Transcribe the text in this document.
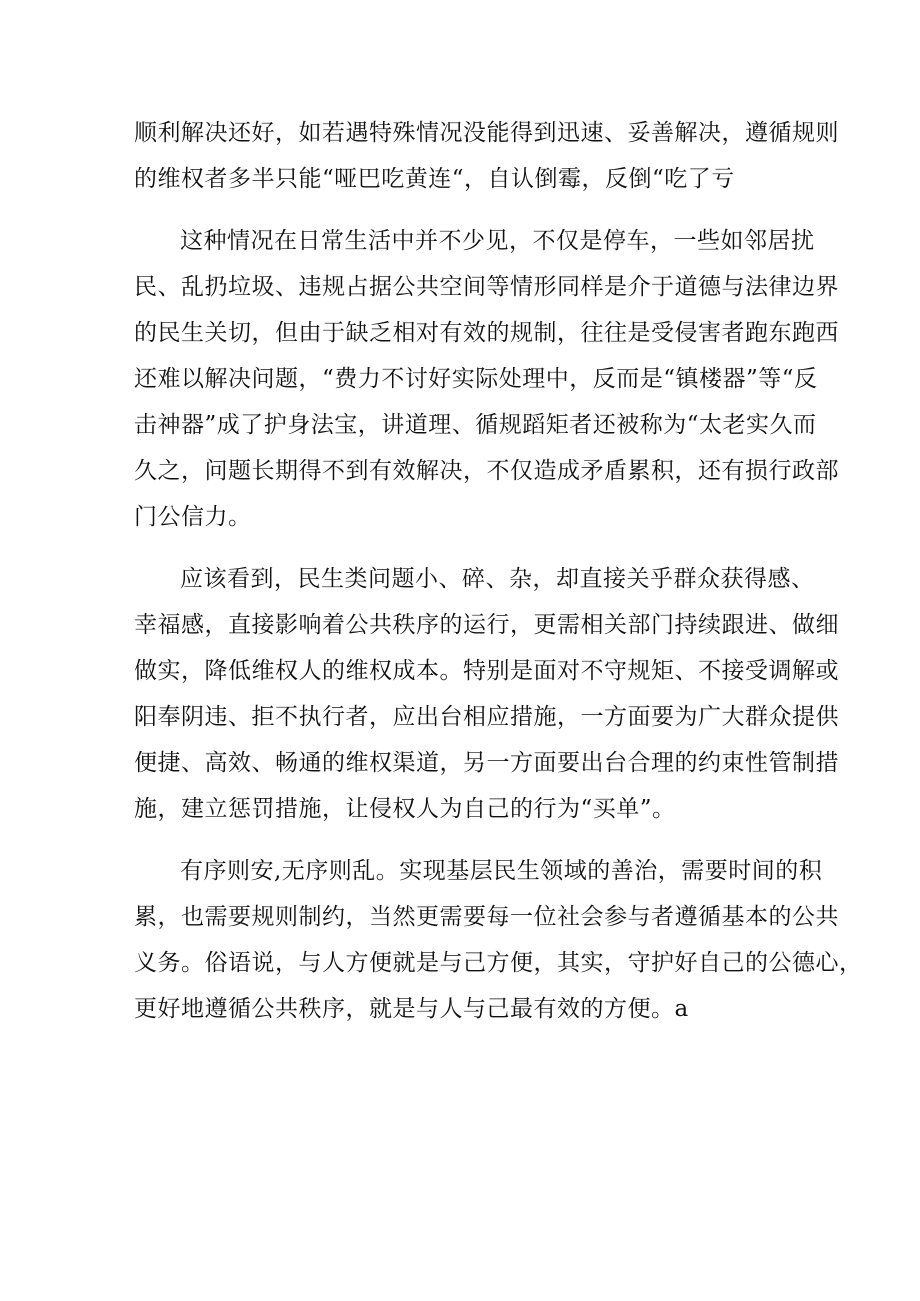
顺利解决还好，如若遇特殊情况没能得到迅速、妥善解决，遵循规则
的维权者多半只能“哑巴吃黄连“，自认倒霉，反倒“吃了亏
这种情况在日常生活中并不少见，不仅是停车，一些如邻居扰
民、乱扔垃圾、违规占据公共空间等情形同样是介于道德与法律边界
的民生关切，但由于缺乏相对有效的规制，往往是受侵害者跑东跑西
还难以解决问题，“费力不讨好实际处理中，反而是“镇楼器”等“反
击神器”成了护身法宝，讲道理、循规蹈矩者还被称为“太老实久而
久之，问题长期得不到有效解决，不仅造成矛盾累积，还有损行政部
门公信力。
应该看到，民生类问题小、碎、杂，却直接关乎群众获得感、
幸福感，直接影响着公共秩序的运行，更需相关部门持续跟进、做细
做实，降低维权人的维权成本。特别是面对不守规矩、不接受调解或
阳奉阴违、拒不执行者，应出台相应措施，一方面要为广大群众提供
便捷、高效、畅通的维权渠道，另一方面要出台合理的约束性管制措
施，建立惩罚措施，让侵权人为自己的行为“买单”。
有序则安,无序则乱。实现基层民生领域的善治，需要时间的积
累，也需要规则制约，当然更需要每一位社会参与者遵循基本的公共
义务。俗语说，与人方便就是与己方便，其实，守护好自己的公德心，
更好地遵循公共秩序，就是与人与己最有效的方便。a
